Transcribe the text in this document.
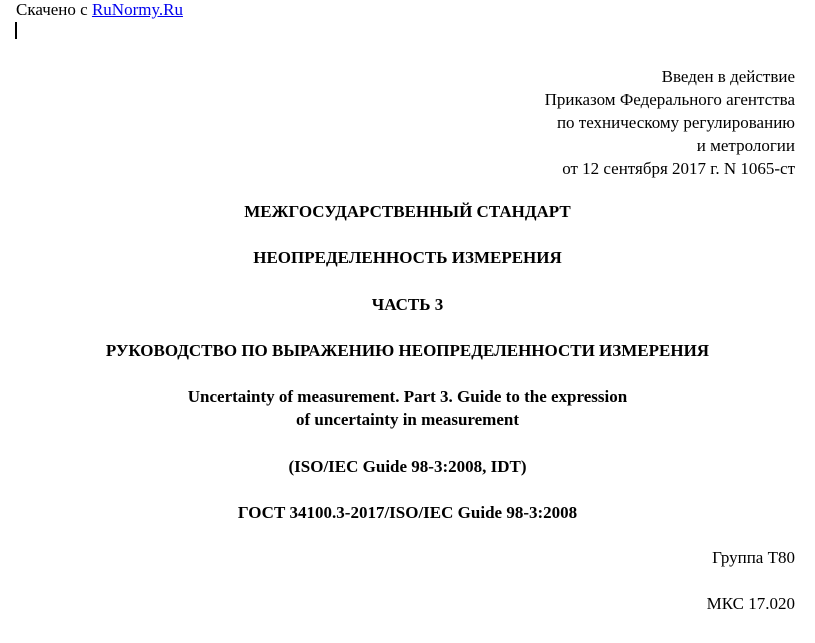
Скачено с RuNormy.Ru
Введен в действие
Приказом Федерального агентства
по техническому регулированию
и метрологии
от 12 сентября 2017 г. N 1065-ст
МЕЖГОСУДАРСТВЕННЫЙ СТАНДАРТ
НЕОПРЕДЕЛЕННОСТЬ ИЗМЕРЕНИЯ
ЧАСТЬ 3
РУКОВОДСТВО ПО ВЫРАЖЕНИЮ НЕОПРЕДЕЛЕННОСТИ ИЗМЕРЕНИЯ
Uncertainty of measurement. Part 3. Guide to the expression
of uncertainty in measurement
(ISO/IEC Guide 98-3:2008, IDT)
ГОСТ 34100.3-2017/ISO/IEC Guide 98-3:2008
Группа Т80
МКС 17.020
